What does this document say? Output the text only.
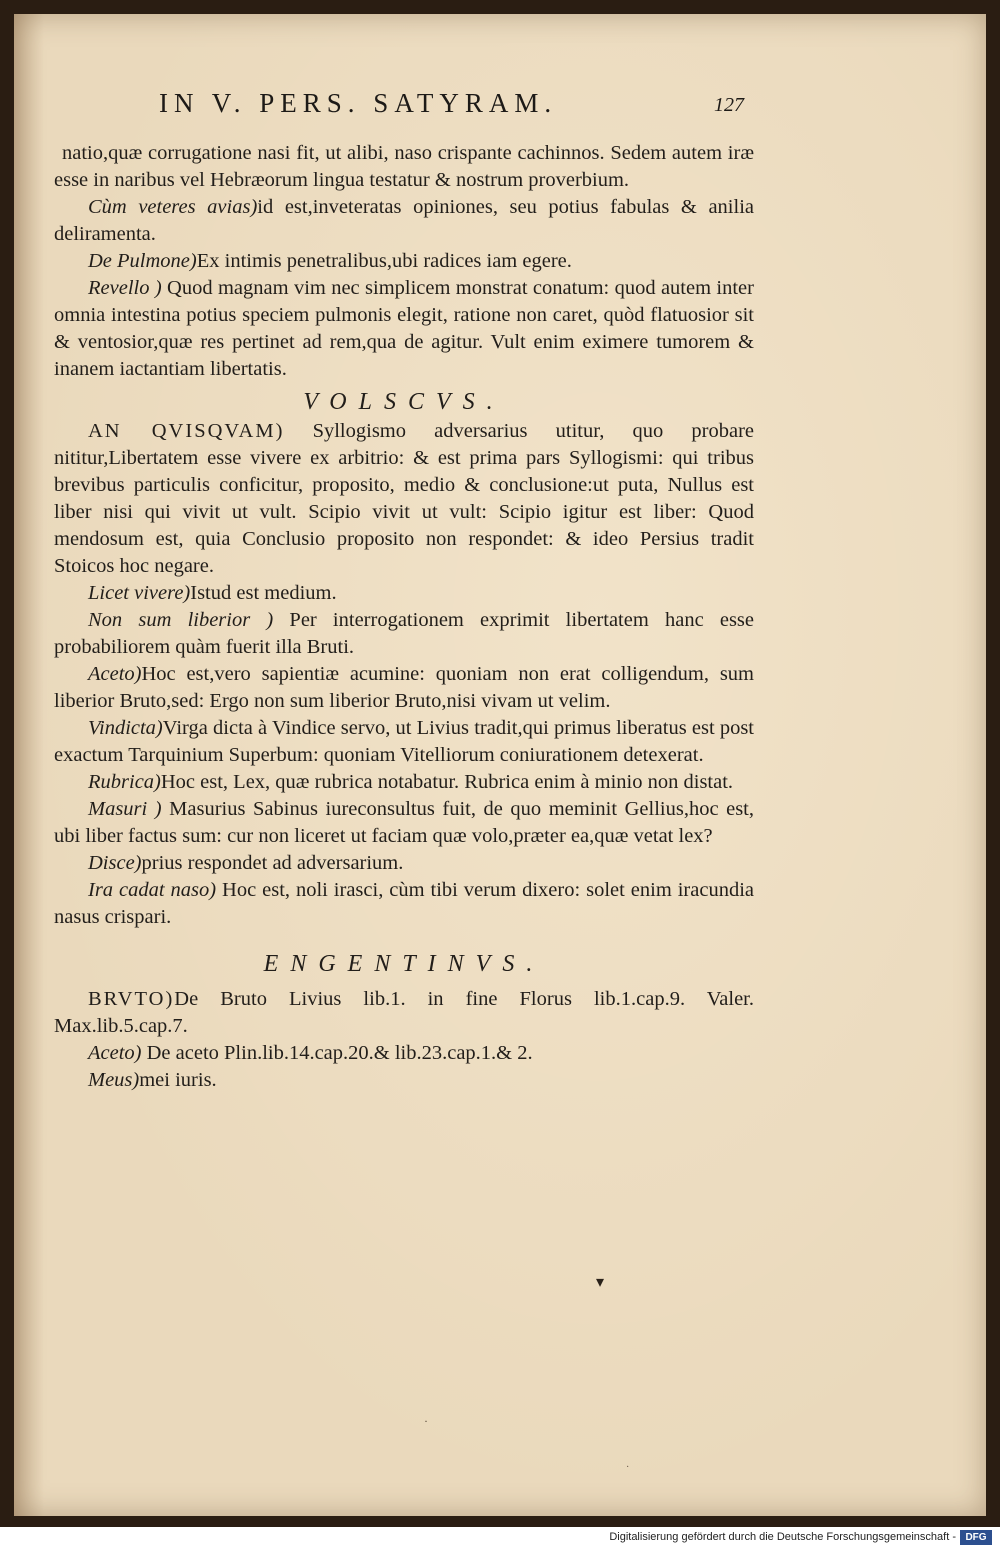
IN V. PERS. SATYRAM.	127

natio,quæ corrugatione nasi fit, ut alibi, naso crispante cachinnos. Sedem autem iræ esse in naribus vel Hebræorum lingua testatur & nostrum proverbium.

Cùm veteres avias)id est,inveteratas opiniones, seu potius fabulas & anilia deliramenta.

De Pulmone)Ex intimis penetralibus,ubi radices iam egere.

Revello ) Quod magnam vim nec simplicem monstrat conatum: quod autem inter omnia intestina potius speciem pulmonis elegit, ratione non caret, quòd flatuosior sit & ventosior,quæ res pertinet ad rem,qua de agitur. Vult enim eximere tumorem & inanem iactantiam libertatis.

VOLSCVS.

AN QVISQVAM) Syllogismo adversarius utitur, quo probare nititur,Libertatem esse vivere ex arbitrio: & est prima pars Syllogismi: qui tribus brevibus particulis conficitur, proposito, medio & conclusione:ut puta, Nullus est liber nisi qui vivit ut vult. Scipio vivit ut vult: Scipio igitur est liber: Quod mendosum est, quia Conclusio proposito non respondet: & ideo Persius tradit Stoicos hoc negare.

Licet vivere)Istud est medium.

Non sum liberior ) Per interrogationem exprimit libertatem hanc esse probabiliorem quàm fuerit illa Bruti.

Aceto)Hoc est,vero sapientiæ acumine: quoniam non erat colligendum, sum liberior Bruto,sed: Ergo non sum liberior Bruto,nisi vivam ut velim.

Vindicta)Virga dicta à Vindice servo, ut Livius tradit,qui primus liberatus est post exactum Tarquinium Superbum: quoniam Vitelliorum coniurationem detexerat.

Rubrica)Hoc est, Lex, quæ rubrica notabatur. Rubrica enim à minio non distat.

Masuri ) Masurius Sabinus iureconsultus fuit, de quo meminit Gellius,hoc est, ubi liber factus sum: cur non liceret ut faciam quæ volo,præter ea,quæ vetat lex?

Disce)prius respondet ad adversarium.

Ira cadat naso) Hoc est, noli irasci, cùm tibi verum dixero: solet enim iracundia nasus crispari.

ENGENTINVS.

BRVTO)De Bruto Livius lib.1. in fine Florus lib.1.cap.9. Valer. Max.lib.5.cap.7.

Aceto) De aceto Plin.lib.14.cap.20.& lib.23.cap.1.& 2.

Meus)mei iuris.

▾
·
·
Digitalisierung gefördert durch die Deutsche Forschungsgemeinschaft - DFG
